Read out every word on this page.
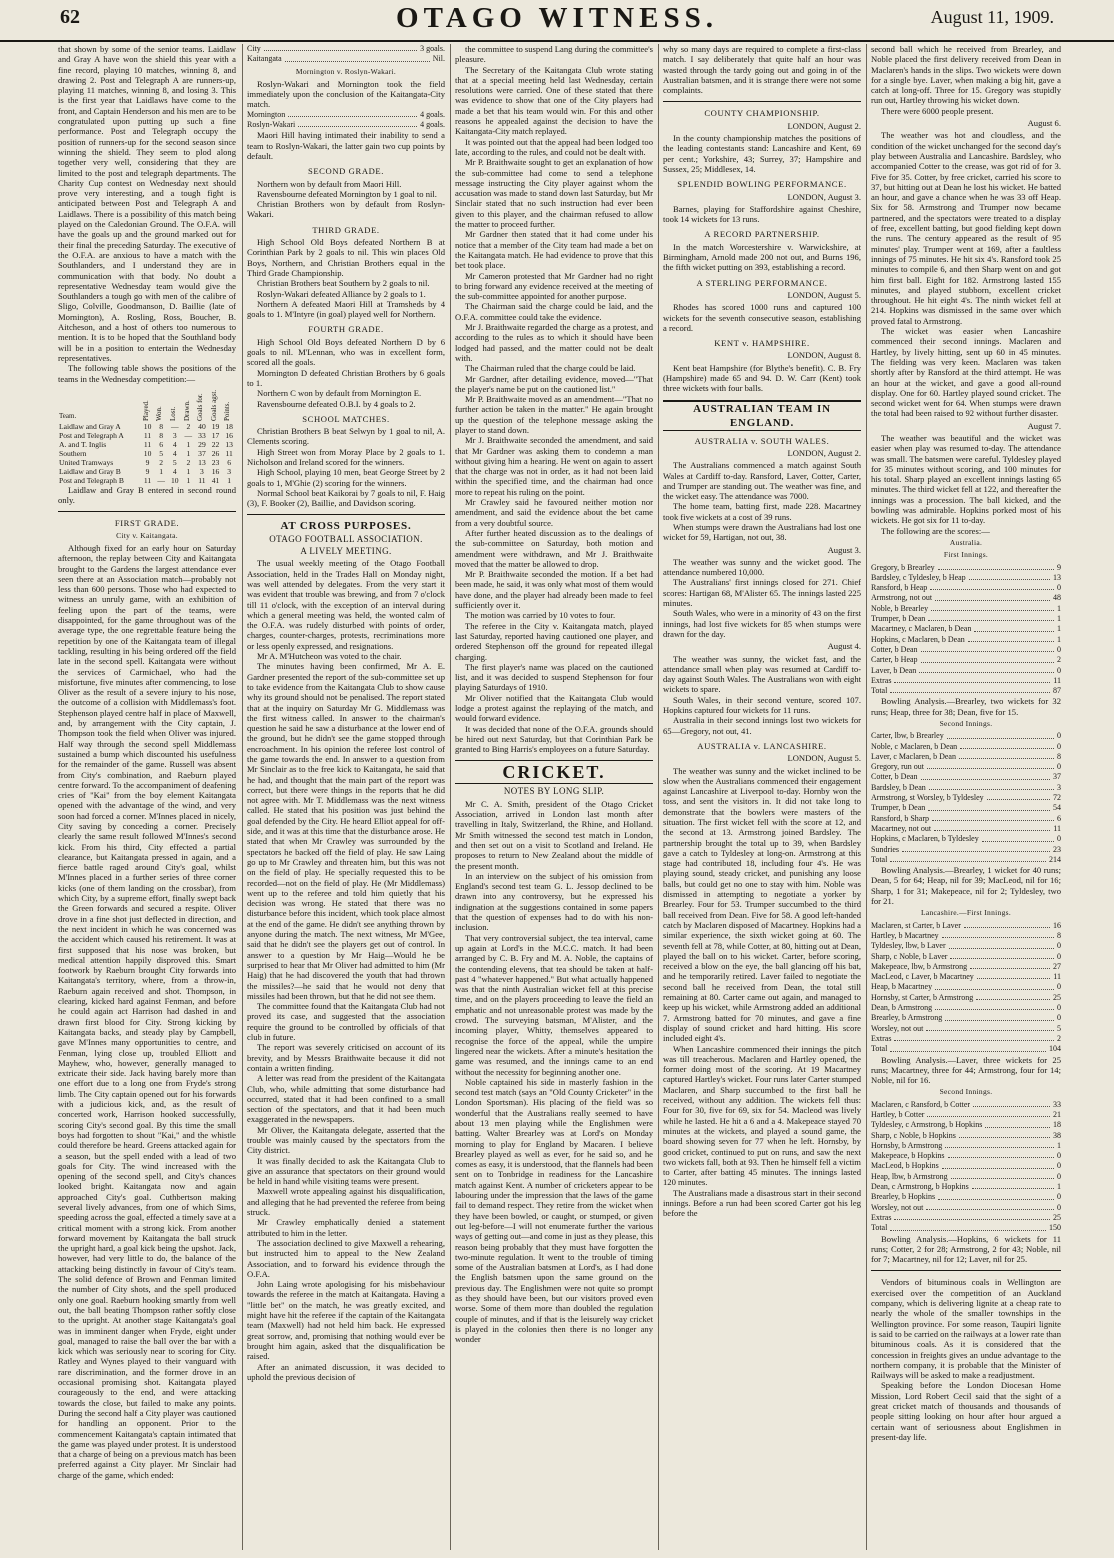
62	OTAGO WITNESS.	August 11, 1909.

that shown by some of the senior teams. Laidlaw and Gray A have won the shield this year with a fine record, playing 10 matches, winning 8, and drawing 2. Post and Telegraph A are runners-up, playing 11 matches, winning 8, and losing 3. This is the first year that Laidlaws have come to the front, and Captain Henderson and his men are to be congratulated upon putting up such a fine performance. Post and Telegraph occupy the position of runners-up for the second season since winning the shield. They seem to plod along together very well, considering that they are limited to the post and telegraph departments. The Charity Cup contest on Wednesday next should prove very interesting, and a tough fight is anticipated between Post and Telegraph A and Laidlaws. There is a possibility of this match being played on the Caledonian Ground. The O.F.A. will have the goals up and the ground marked out for their final the preceding Saturday. The executive of the O.F.A. are anxious to have a match with the Southlanders, and I understand they are in communication with that body. No doubt a representative Wednesday team would give the Southlanders a tough go with men of the calibre of Sligo, Colville, Goodmanson, D. Baillie (late of Mornington), A. Rosling, Ross, Boucher, B. Aitcheson, and a host of others too numerous to mention. It is to be hoped that the Southland body will be in a position to entertain the Wednesday representatives.

The following table shows the positions of the teams in the Wednesday competition:—

Team.	Played.	Won.	Lost.	Drawn.	Goals for.	Goals agst.	Points.
Laidlaw and Gray A	10	8	—	2	40	19	18
Post and Telegraph A	11	8	3	—	33	17	16
A. and T. Inglis	11	6	4	1	29	22	13
Southern	10	5	4	1	37	26	11
United Tramways	9	2	5	2	13	23	6
Laidlaw and Gray B	9	1	4	1	3	16	3
Post and Telegraph B	11	—	10	1	11	41	1

Laidlaw and Gray B entered in second round only.

FIRST GRADE.
City v. Kaitangata.

Although fixed for an early hour on Saturday afternoon, the replay between City and Kaitangata brought to the Gardens the largest attendance ever seen there at an Association match—probably not less than 600 persons. Those who had expected to witness an unruly game, with an exhibition of feeling upon the part of the teams, were disappointed, for the game throughout was of the average type, the one regrettable feature being the repetition by one of the Kaitangata team of illegal tackling, resulting in his being ordered off the field late in the second spell. Kaitangata were without the services of Carmichael, who had the misfortune, five minutes after commencing, to lose Oliver as the result of a severe injury to his nose, the outcome of a collision with Middlemass's foot. Stephenson played centre half in place of Maxwell, and, by arrangement with the City captain, J. Thompson took the field when Oliver was injured. Half way through the second spell Middlemass sustained a bump which discounted his usefulness for the remainder of the game. Russell was absent from City's combination, and Raeburn played centre forward. To the accompaniment of deafening cries of "Kai" from the boy element Kaitangata opened with the advantage of the wind, and very soon had forced a corner. M'Innes placed in nicely, City saving by conceding a corner. Precisely clearly the same result followed M'Innes's second kick. From his third, City effected a partial clearance, but Kaitangata pressed in again, and a fierce battle raged around City's goal, whilst M'Innes placed in a further series of three corner kicks (one of them landing on the crossbar), from which City, by a supreme effort, finally swept back the Green forwards and secured a respite. Oliver drove in a fine shot just deflected in direction, and the next incident in which he was concerned was the accident which caused his retirement. It was at first supposed that his nose was broken, but medical attention happily disproved this. Smart footwork by Raeburn brought City forwards into Kaitangata's territory, where, from a throw-in, Raeburn again received and shot. Thompson, in clearing, kicked hard against Fenman, and before he could again act Harrison had dashed in and drawn first blood for City. Strong kicking by Kaitangata backs, and steady play by Campbell, gave M'Innes many opportunities to centre, and Fenman, lying close up, troubled Elliott and Mayhew, who, however, generally managed to extricate their side. Jack having barely more than one effort due to a long one from Fryde's strong limb. The City captain opened out for his forwards with a judicious kick, and, as the result of concerted work, Harrison hooked successfully, scoring City's second goal. By this time the small boys had forgotten to shout "Kai," and the whistle could therefore be heard. Greens attacked again for a season, but the spell ended with a lead of two goals for City. The wind increased with the opening of the second spell, and City's chances looked bright. Kaitangata now and again approached City's goal. Cuthbertson making several lively advances, from one of which Sims, speeding across the goal, effected a timely save at a critical moment with a strong kick. From another forward movement by Kaitangata the ball struck the upright hard, a goal kick being the upshot. Jack, however, had very little to do, the balance of the attacking being distinctly in favour of City's team. The solid defence of Brown and Fenman limited the number of City shots, and the spell produced only one goal. Raeburn hooking smartly from well out, the ball beating Thompson rather softly close to the upright. At another stage Kaitangata's goal was in imminent danger when Fryde, eight under goal, managed to raise the ball over the bar with a kick which was seriously near to scoring for City. Ratley and Wynes played to their vanguard with rare discrimination, and the former drove in an occasional promising shot. Kaitangata played courageously to the end, and were attacking towards the close, but failed to make any points. During the second half a City player was cautioned for handling an opponent. Prior to the commencement Kaitangata's captain intimated that the game was played under protest. It is understood that a charge of being on a previous match has been preferred against a City player. Mr Sinclair had charge of the game, which ended:

City	3 goals.
Kaitangata	Nil.
Mornington v. Roslyn-Wakari.

Roslyn-Wakari and Mornington took the field immediately upon the conclusion of the Kaitangata-City match.

Mornington	4 goals.
Roslyn-Wakari	4 goals.

Maori Hill having intimated their inability to send a team to Roslyn-Wakari, the latter gain two cup points by default.

SECOND GRADE.

Northern won by default from Maori Hill.

Ravensbourne defeated Mornington by 1 goal to nil.

Christian Brothers won by default from Roslyn-Wakari.

THIRD GRADE.

High School Old Boys defeated Northern B at Corinthian Park by 2 goals to nil. This win places Old Boys, Northern, and Christian Brothers equal in the Third Grade Championship.

Christian Brothers beat Southern by 2 goals to nil.

Roslyn-Wakari defeated Alliance by 2 goals to 1.

Northern A defeated Maori Hill at Tramsheds by 4 goals to 1. M'Intyre (in goal) played well for Northern.

FOURTH GRADE.

High School Old Boys defeated Northern D by 6 goals to nil. M'Lennan, who was in excellent form, scored all the goals.

Mornington D defeated Christian Brothers by 6 goals to 1.

Northern C won by default from Mornington E.

Ravensbourne defeated O.B.I. by 4 goals to 2.

SCHOOL MATCHES.

Christian Brothers B beat Selwyn by 1 goal to nil, A. Clements scoring.

High Street won from Moray Place by 2 goals to 1. Nicholson and Ireland scored for the winners.

High School, playing 10 men, beat George Street by 2 goals to 1, M'Ghie (2) scoring for the winners.

Normal School beat Kaikorai by 7 goals to nil, F. Haig (3), F. Booker (2), Baillie, and Davidson scoring.

AT CROSS PURPOSES.
OTAGO FOOTBALL ASSOCIATION.
A LIVELY MEETING.

The usual weekly meeting of the Otago Football Association, held in the Trades Hall on Monday night, was well attended by delegates. From the very start it was evident that trouble was brewing, and from 7 o'clock till 11 o'clock, with the exception of an interval during which a general meeting was held, the wonted calm of the O.F.A. was rudely disturbed with points of order, charges, counter-charges, protests, recriminations more or less openly expressed, and resignations.

Mr A. M'Hutcheon was voted to the chair.

The minutes having been confirmed, Mr A. E. Gardner presented the report of the sub-committee set up to take evidence from the Kaitangata Club to show cause why its ground should not be penalised. The report stated that at the inquiry on Saturday Mr G. Middlemass was the first witness called. In answer to the chairman's question he said he saw a disturbance at the lower end of the ground, but he didn't see the game stopped through encroachment. In his opinion the referee lost control of the game towards the end. In answer to a question from Mr Sinclair as to the free kick to Kaitangata, he said that he had, and thought that the main part of the report was correct, but there were things in the reports that he did not agree with. Mr T. Middlemass was the next witness called. He stated that his position was just behind the goal defended by the City. He heard Elliot appeal for off-side, and it was at this time that the disturbance arose. He stated that when Mr Crawley was surrounded by the spectators he backed off the field of play. He saw Laing go up to Mr Crawley and threaten him, but this was not on the field of play. He specially requested this to be recorded—not on the field of play. He (Mr Middlemass) went up to the referee and told him quietly that his decision was wrong. He stated that there was no disturbance before this incident, which took place almost at the end of the game. He didn't see anything thrown by anyone during the match. The next witness, Mr M'Gee, said that he didn't see the players get out of control. In answer to a question by Mr Haig—Would he be surprised to hear that Mr Oliver had admitted to him (Mr Haig) that he had discovered the youth that had thrown the missiles?—he said that he would not deny that missiles had been thrown, but that he did not see them.

The committee found that the Kaitangata Club had not proved its case, and suggested that the association require the ground to be controlled by officials of that club in future.

The report was severely criticised on account of its brevity, and by Messrs Braithwaite because it did not contain a written finding.

A letter was read from the president of the Kaitangata Club, who, while admitting that some disturbance had occurred, stated that it had been confined to a small section of the spectators, and that it had been much exaggerated in the newspapers.

Mr Oliver, the Kaitangata delegate, asserted that the trouble was mainly caused by the spectators from the City district.

It was finally decided to ask the Kaitangata Club to give an assurance that spectators on their ground would be held in hand while visiting teams were present.

Maxwell wrote appealing against his disqualification, and alleging that he had prevented the referee from being struck.

Mr Crawley emphatically denied a statement attributed to him in the letter.

The association declined to give Maxwell a rehearing, but instructed him to appeal to the New Zealand Association, and to forward his evidence through the O.F.A.

John Laing wrote apologising for his misbehaviour towards the referee in the match at Kaitangata. Having a "little bet" on the match, he was greatly excited, and might have hit the referee if the captain of the Kaitangata team (Maxwell) had not held him back. He expressed great sorrow, and, promising that nothing would ever be brought him again, asked that the disqualification be raised.

After an animated discussion, it was decided to uphold the previous decision of

the committee to suspend Lang during the committee's pleasure.

The Secretary of the Kaitangata Club wrote stating that at a special meeting held last Wednesday, certain resolutions were carried. One of these stated that there was evidence to show that one of the City players had made a bet that his team would win. For this and other reasons he appealed against the decision to have the Kaitangata-City match replayed.

It was pointed out that the appeal had been lodged too late, according to the rules, and could not be dealt with.

Mr P. Braithwaite sought to get an explanation of how the sub-committee had come to send a telephone message instructing the City player against whom the accusation was made to stand down last Saturday, but Mr Sinclair stated that no such instruction had ever been given to this player, and the chairman refused to allow the matter to proceed further.

Mr Gardner then stated that it had come under his notice that a member of the City team had made a bet on the Kaitangata match. He had evidence to prove that this bet took place.

Mr Cameron protested that Mr Gardner had no right to bring forward any evidence received at the meeting of the sub-committee appointed for another purpose.

The Chairman said the charge could be laid, and the O.F.A. committee could take the evidence.

Mr J. Braithwaite regarded the charge as a protest, and according to the rules as to which it should have been lodged had passed, and the matter could not be dealt with.

The Chairman ruled that the charge could be laid.

Mr Gardner, after detailing evidence, moved—"That the player's name be put on the cautioned list."

Mr P. Braithwaite moved as an amendment—"That no further action be taken in the matter." He again brought up the question of the telephone message asking the player to stand down.

Mr J. Braithwaite seconded the amendment, and said that Mr Gardner was asking them to condemn a man without giving him a hearing. He went on again to assert that the charge was not in order, as it had not been laid within the specified time, and the chairman had once more to repeat his ruling on the point.

Mr Crawley said he favoured neither motion nor amendment, and said the evidence about the bet came from a very doubtful source.

After further heated discussion as to the dealings of the sub-committee on Saturday, both motion and amendment were withdrawn, and Mr J. Braithwaite moved that the matter be allowed to drop.

Mr P. Braithwaite seconded the motion. If a bet had been made, he said, it was only what most of them would have done, and the player had already been made to feel sufficiently over it.

The motion was carried by 10 votes to four.

The referee in the City v. Kaitangata match, played last Saturday, reported having cautioned one player, and ordered Stephenson off the ground for repeated illegal charging.

The first player's name was placed on the cautioned list, and it was decided to suspend Stephenson for four playing Saturdays of 1910.

Mr Oliver notified that the Kaitangata Club would lodge a protest against the replaying of the match, and would forward evidence.

It was decided that none of the O.F.A. grounds should be hired out next Saturday, but that Corinthian Park be granted to Bing Harris's employees on a future Saturday.

CRICKET.
NOTES BY LONG SLIP.

Mr C. A. Smith, president of the Otago Cricket Association, arrived in London last month after travelling in Italy, Switzerland, the Rhine, and Holland. Mr Smith witnessed the second test match in London, and then set out on a visit to Scotland and Ireland. He proposes to return to New Zealand about the middle of the present month.

In an interview on the subject of his omission from England's second test team G. L. Jessop declined to be drawn into any controversy, but he expressed his indignation at the suggestions contained in some papers that the question of expenses had to do with his non-inclusion.

That very controversial subject, the tea interval, came up again at Lord's in the M.C.C. match. It had been arranged by C. B. Fry and M. A. Noble, the captains of the contending elevens, that tea should be taken at half-past 4 "whatever happened." But what actually happened was that the ninth Australian wicket fell at this precise time, and on the players proceeding to leave the field an emphatic and not unreasonable protest was made by the crowd. The surveying batsman, M'Alister, and the incoming player, Whitty, themselves appeared to recognise the force of the appeal, while the umpire lingered near the wickets. After a minute's hesitation the game was resumed, and the innings came to an end without the necessity for beginning another one.

Noble captained his side in masterly fashion in the second test match (says an "Old County Cricketer" in the London Sportsman). His placing of the field was so wonderful that the Australians really seemed to have about 13 men playing while the Englishmen were batting. Walter Brearley was at Lord's on Monday morning to play for England by Macaren. I believe Brearley played as well as ever, for he said so, and he comes as easy, it is understood, that the flannels had been sent on to Tonbridge in readiness for the Lancashire match against Kent. A number of cricketers appear to be labouring under the impression that the laws of the game fail to demand respect. They retire from the wicket when they have been bowled, or caught, or stumped, or given out leg-before—I will not enumerate further the various ways of getting out—and come in just as they please, this reason being probably that they must have forgotten the two-minute regulation. It went to the trouble of timing some of the Australian batsmen at Lord's, as I had done the English batsmen upon the same ground on the previous day. The Englishmen were not quite so prompt as they should have been, but our visitors proved even worse. Some of them more than doubled the regulation couple of minutes, and if that is the leisurely way cricket is played in the colonies then there is no longer any wonder

why so many days are required to complete a first-class match. I say deliberately that quite half an hour was wasted through the tardy going out and going in of the Australian batsmen, and it is strange there were not some complaints.

COUNTY CHAMPIONSHIP.
LONDON, August 2.

In the county championship matches the positions of the leading contestants stand: Lancashire and Kent, 69 per cent.; Yorkshire, 43; Surrey, 37; Hampshire and Sussex, 25; Middlesex, 14.

SPLENDID BOWLING PERFORMANCE.
LONDON, August 3.

Barnes, playing for Staffordshire against Cheshire, took 14 wickets for 13 runs.

A RECORD PARTNERSHIP.

In the match Worcestershire v. Warwickshire, at Birmingham, Arnold made 200 not out, and Burns 196, the fifth wicket putting on 393, establishing a record.

A STERLING PERFORMANCE.
LONDON, August 5.

Rhodes has scored 1000 runs and captured 100 wickets for the seventh consecutive season, establishing a record.

KENT v. HAMPSHIRE.
LONDON, August 8.

Kent beat Hampshire (for Blythe's benefit). C. B. Fry (Hampshire) made 65 and 94. D. W. Carr (Kent) took three wickets with four balls.

AUSTRALIAN TEAM IN ENGLAND.
AUSTRALIA v. SOUTH WALES.
LONDON, August 2.

The Australians commenced a match against South Wales at Cardiff to-day. Ransford, Laver, Cotter, Carter, and Trumper are standing out. The weather was fine, and the wicket easy. The attendance was 7000.

The home team, batting first, made 228. Macartney took five wickets at a cost of 39 runs.

When stumps were drawn the Australians had lost one wicket for 59, Hartigan, not out, 38.

August 3.

The weather was sunny and the wicket good. The attendance numbered 10,000.

The Australians' first innings closed for 271. Chief scores: Hartigan 68, M'Alister 65. The innings lasted 225 minutes.

South Wales, who were in a minority of 43 on the first innings, had lost five wickets for 85 when stumps were drawn for the day.

August 4.

The weather was sunny, the wicket fast, and the attendance small when play was resumed at Cardiff to-day against South Wales. The Australians won with eight wickets to spare.

South Wales, in their second venture, scored 107. Hopkins captured four wickets for 11 runs.

Australia in their second innings lost two wickets for 65—Gregory, not out, 41.

AUSTRALIA v. LANCASHIRE.
LONDON, August 5.

The weather was sunny and the wicket inclined to be slow when the Australians commenced their engagement against Lancashire at Liverpool to-day. Hornby won the toss, and sent the visitors in. It did not take long to demonstrate that the bowlers were masters of the situation. The first wicket fell with the score at 12, and the second at 13. Armstrong joined Bardsley. The partnership brought the total up to 39, when Bardsley gave a catch to Tyldesley at long-on. Armstrong at this stage had contributed 18, including four 4's. He was playing sound, steady cricket, and punishing any loose balls, but could get no one to stay with him. Noble was dismissed in attempting to negotiate a yorker by Brearley. Four for 53. Trumper succumbed to the third ball received from Dean. Five for 58. A good left-handed catch by Maclaren disposed of Macartney. Hopkins had a similar experience, the sixth wicket going at 60. The seventh fell at 78, while Cotter, at 80, hitting out at Dean, played the ball on to his wicket. Carter, before scoring, received a blow on the eye, the ball glancing off his bat, and he temporarily retired. Laver failed to negotiate the second ball he received from Dean, the total still remaining at 80. Carter came out again, and managed to keep up his wicket, while Armstrong added an additional 7. Armstrong batted for 70 minutes, and gave a fine display of sound cricket and hard hitting. His score included eight 4's.

When Lancashire commenced their innings the pitch was till treacherous. Maclaren and Hartley opened, the former doing most of the scoring. At 19 Macartney captured Hartley's wicket. Four runs later Carter stumped Maclaren, and Sharp succumbed to the first ball he received, without any addition. The wickets fell thus: Four for 30, five for 69, six for 54. Macleod was lively while he lasted. He hit a 6 and a 4. Makepeace stayed 70 minutes at the wickets, and played a sound game, the board showing seven for 77 when he left. Hornsby, by good cricket, continued to put on runs, and saw the next two wickets fall, both at 93. Then he himself fell a victim to Carter, after batting 45 minutes. The innings lasted 120 minutes.

The Australians made a disastrous start in their second innings. Before a run had been scored Carter got his leg before the

second ball which he received from Brearley, and Noble placed the first delivery received from Dean in Maclaren's hands in the slips. Two wickets were down for a single bye. Laver, when making a big hit, gave a catch at long-off. Three for 15. Gregory was stupidly run out, Hartley throwing his wicket down.

There were 6000 people present.

August 6.

The weather was hot and cloudless, and the condition of the wicket unchanged for the second day's play between Australia and Lancashire. Bardsley, who accompanied Cotter to the crease, was got rid of for 3. Five for 35. Cotter, by free cricket, carried his score to 37, but hitting out at Dean he lost his wicket. He batted an hour, and gave a chance when he was 33 off Heap. Six for 58. Armstrong and Trumper now became partnered, and the spectators were treated to a display of free, excellent batting, but good fielding kept down the runs. The century appeared as the result of 95 minutes' play. Trumper went at 169, after a faultless innings of 75 minutes. He hit six 4's. Ransford took 25 minutes to compile 6, and then Sharp went on and got him first ball. Eight for 182. Armstrong lasted 155 minutes, and played stubborn, excellent cricket throughout. He hit eight 4's. The ninth wicket fell at 214. Hopkins was dismissed in the same over which proved fatal to Armstrong.

The wicket was easier when Lancashire commenced their second innings. Maclaren and Hartley, by lively hitting, sent up 60 in 45 minutes. The fielding was very keen. Maclaren was taken shortly after by Ransford at the third attempt. He was an hour at the wicket, and gave a good all-round display. One for 60. Hartley played sound cricket. The second wicket went for 64. When stumps were drawn the total had been raised to 92 without further disaster.

August 7.

The weather was beautiful and the wicket was easier when play was resumed to-day. The attendance was small. The batsmen were careful. Tyldesley played for 35 minutes without scoring, and 100 minutes for his total. Sharp played an excellent innings lasting 65 minutes. The third wicket fell at 122, and thereafter the innings was a procession. The ball kicked, and the bowling was admirable. Hopkins porked most of his wickets. He got six for 11 to-day.

The following are the scores:—

Australia.
First Innings.
Gregory, b Brearley	9
Bardsley, c Tyldesley, b Heap	13
Ransford, b Heap	0
Armstrong, not out	48
Noble, b Brearley	1
Trumper, b Dean	1
Macartney, c Maclaren, b Dean	1
Hopkins, c Maclaren, b Dean	1
Cotter, b Dean	0
Carter, b Heap	2
Laver, b Dean	0
Extras	11
Total	87

Bowling Analysis.—Brearley, two wickets for 32 runs; Heap, three for 38; Dean, five for 15.

Second Innings.
Carter, lbw, b Brearley	0
Noble, c Maclaren, b Dean	0
Laver, c Maclaren, b Dean	8
Gregory, run out	0
Cotter, b Dean	37
Bardsley, b Dean	3
Armstrong, st Worsley, b Tyldesley	72
Trumper, b Dean	54
Ransford, b Sharp	6
Macartney, not out	11
Hopkins, c Maclaren, b Tyldesley	0
Sundries	23
Total	214

Bowling Analysis.—Brearley, 1 wicket for 40 runs; Dean, 5 for 64; Heap, nil for 39; MacLeod, nil for 16; Sharp, 1 for 31; Makepeace, nil for 2; Tyldesley, two for 21.

Lancashire.—First Innings.
Maclaren, st Carter, b Laver	16
Hartley, b Macartney	8
Tyldesley, lbw, b Laver	0
Sharp, c Noble, b Laver	0
Makepeace, lbw, b Armstrong	27
MacLeod, c Laver, b Macartney	11
Heap, b Macartney	0
Hornsby, st Carter, b Armstrong	25
Dean, b Armstrong	0
Brearley, b Armstrong	0
Worsley, not out	5
Extras	2
Total	104

Bowling Analysis.—Laver, three wickets for 25 runs; Macartney, three for 44; Armstrong, four for 14; Noble, nil for 16.

Second Innings.
Maclaren, c Ransford, b Cotter	33
Hartley, b Cotter	21
Tyldesley, c Armstrong, b Hopkins	18
Sharp, c Noble, b Hopkins	38
Hornsby, b Armstrong	1
Makepeace, b Hopkins	0
MacLeod, b Hopkins	0
Heap, lbw, b Armstrong	0
Dean, c Armstrong, b Hopkins	1
Brearley, b Hopkins	0
Worsley, not out	0
Extras	25
Total	150

Bowling Analysis.—Hopkins, 6 wickets for 11 runs; Cotter, 2 for 28; Armstrong, 2 for 43; Noble, nil for 7; Macartney, nil for 12; Laver, nil for 25.

Vendors of bituminous coals in Wellington are exercised over the competition of an Auckland company, which is delivering lignite at a cheap rate to nearly the whole of the smaller townships in the Wellington province. For some reason, Taupiri lignite is said to be carried on the railways at a lower rate than bituminous coals. As it is considered that the concession in freights gives an undue advantage to the northern company, it is probable that the Minister of Railways will be asked to make a readjustment.

Speaking before the London Diocesan Home Mission, Lord Robert Cecil said that the sight of a great cricket match of thousands and thousands of people sitting looking on hour after hour argued a certain want of seriousness about Englishmen in present-day life.
